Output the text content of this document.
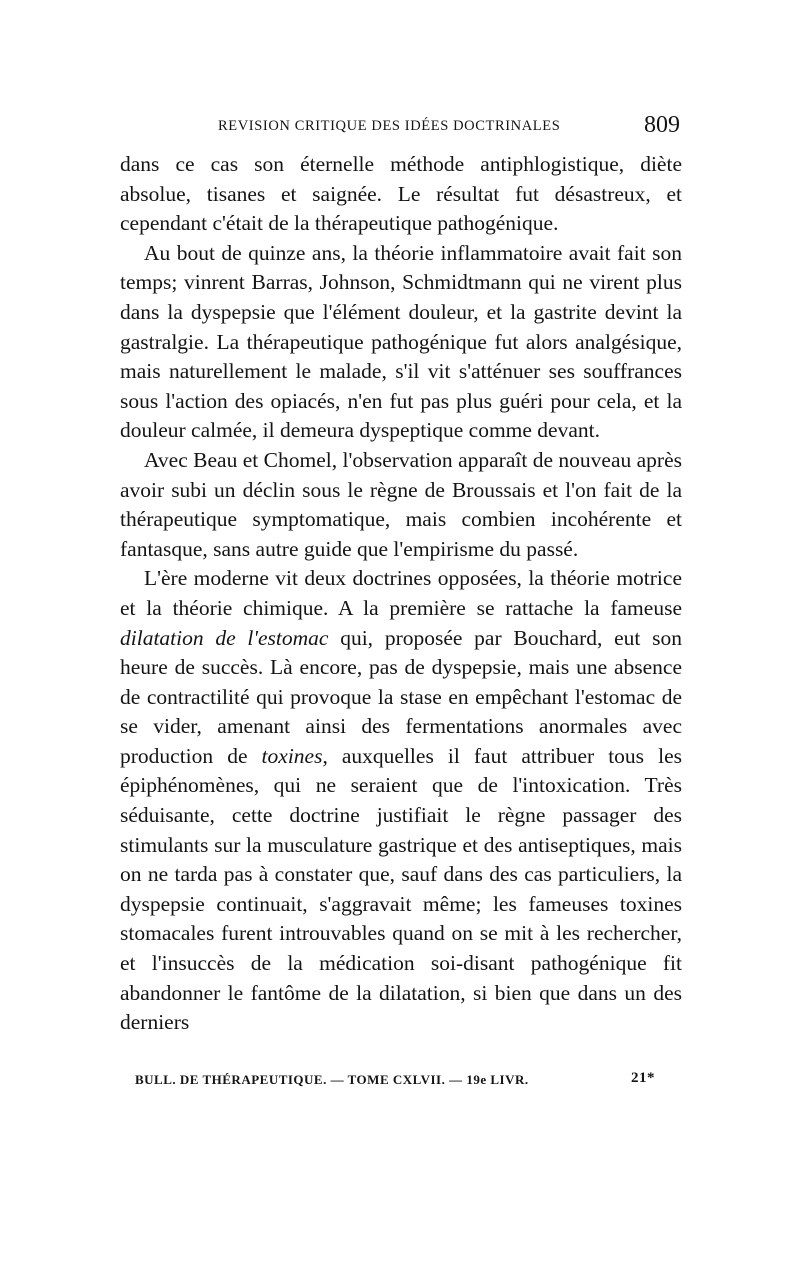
REVISION CRITIQUE DES IDÉES DOCTRINALES	809

dans ce cas son éternelle méthode antiphlogistique, diète absolue, tisanes et saignée. Le résultat fut désastreux, et cependant c'était de la thérapeutique pathogénique.

Au bout de quinze ans, la théorie inflammatoire avait fait son temps; vinrent Barras, Johnson, Schmidtmann qui ne virent plus dans la dyspepsie que l'élément douleur, et la gastrite devint la gastralgie. La thérapeutique pathogénique fut alors analgésique, mais naturellement le malade, s'il vit s'atténuer ses souffrances sous l'action des opiacés, n'en fut pas plus guéri pour cela, et la douleur calmée, il demeura dyspeptique comme devant.

Avec Beau et Chomel, l'observation apparaît de nouveau après avoir subi un déclin sous le règne de Broussais et l'on fait de la thérapeutique symptomatique, mais combien incohérente et fantasque, sans autre guide que l'empirisme du passé.

L'ère moderne vit deux doctrines opposées, la théorie motrice et la théorie chimique. A la première se rattache la fameuse dilatation de l'estomac qui, proposée par Bouchard, eut son heure de succès. Là encore, pas de dyspepsie, mais une absence de contractilité qui provoque la stase en empêchant l'estomac de se vider, amenant ainsi des fermentations anormales avec production de toxines, auxquelles il faut attribuer tous les épiphénomènes, qui ne seraient que de l'intoxication. Très séduisante, cette doctrine justifiait le règne passager des stimulants sur la musculature gastrique et des antiseptiques, mais on ne tarda pas à constater que, sauf dans des cas particuliers, la dyspepsie continuait, s'aggravait même; les fameuses toxines stomacales furent introuvables quand on se mit à les rechercher, et l'insuccès de la médication soi-disant pathogénique fit abandonner le fantôme de la dilatation, si bien que dans un des derniers

BULL. DE THÉRAPEUTIQUE. — TOME CXLVII. — 19e LIVR.	21*
